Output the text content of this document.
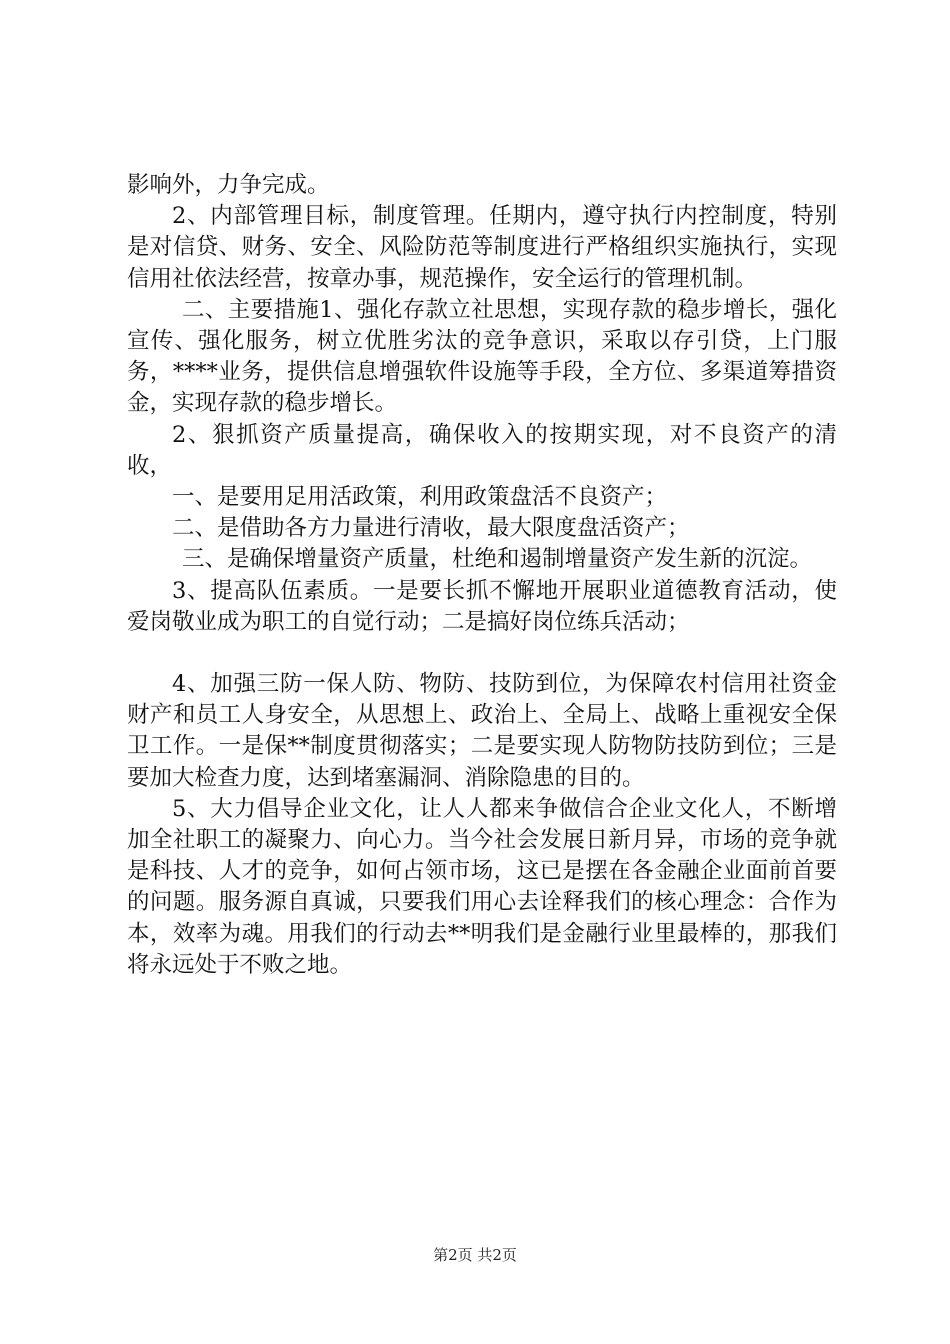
影响外，力争完成。

2、内部管理目标，制度管理。任期内，遵守执行内控制度，特别是对信贷、财务、安全、风险防范等制度进行严格组织实施执行，实现信用社依法经营，按章办事，规范操作，安全运行的管理机制。

二、主要措施1、强化存款立社思想，实现存款的稳步增长，强化宣传、强化服务，树立优胜劣汰的竞争意识，采取以存引贷，上门服务，****业务，提供信息增强软件设施等手段，全方位、多渠道筹措资金，实现存款的稳步增长。

2、狠抓资产质量提高，确保收入的按期实现，对不良资产的清收，

一、是要用足用活政策，利用政策盘活不良资产；

二、是借助各方力量进行清收，最大限度盘活资产；

三、是确保增量资产质量，杜绝和遏制增量资产发生新的沉淀。

3、提高队伍素质。一是要长抓不懈地开展职业道德教育活动，使爱岗敬业成为职工的自觉行动；二是搞好岗位练兵活动；

4、加强三防一保人防、物防、技防到位，为保障农村信用社资金财产和员工人身安全，从思想上、政治上、全局上、战略上重视安全保卫工作。一是保**制度贯彻落实；二是要实现人防物防技防到位；三是要加大检查力度，达到堵塞漏洞、消除隐患的目的。

5、大力倡导企业文化，让人人都来争做信合企业文化人，不断增加全社职工的凝聚力、向心力。当今社会发展日新月异，市场的竞争就是科技、人才的竞争，如何占领市场，这已是摆在各金融企业面前首要的问题。服务源自真诚，只要我们用心去诠释我们的核心理念：合作为本，效率为魂。用我们的行动去**明我们是金融行业里最棒的，那我们将永远处于不败之地。

第2页 共2页
